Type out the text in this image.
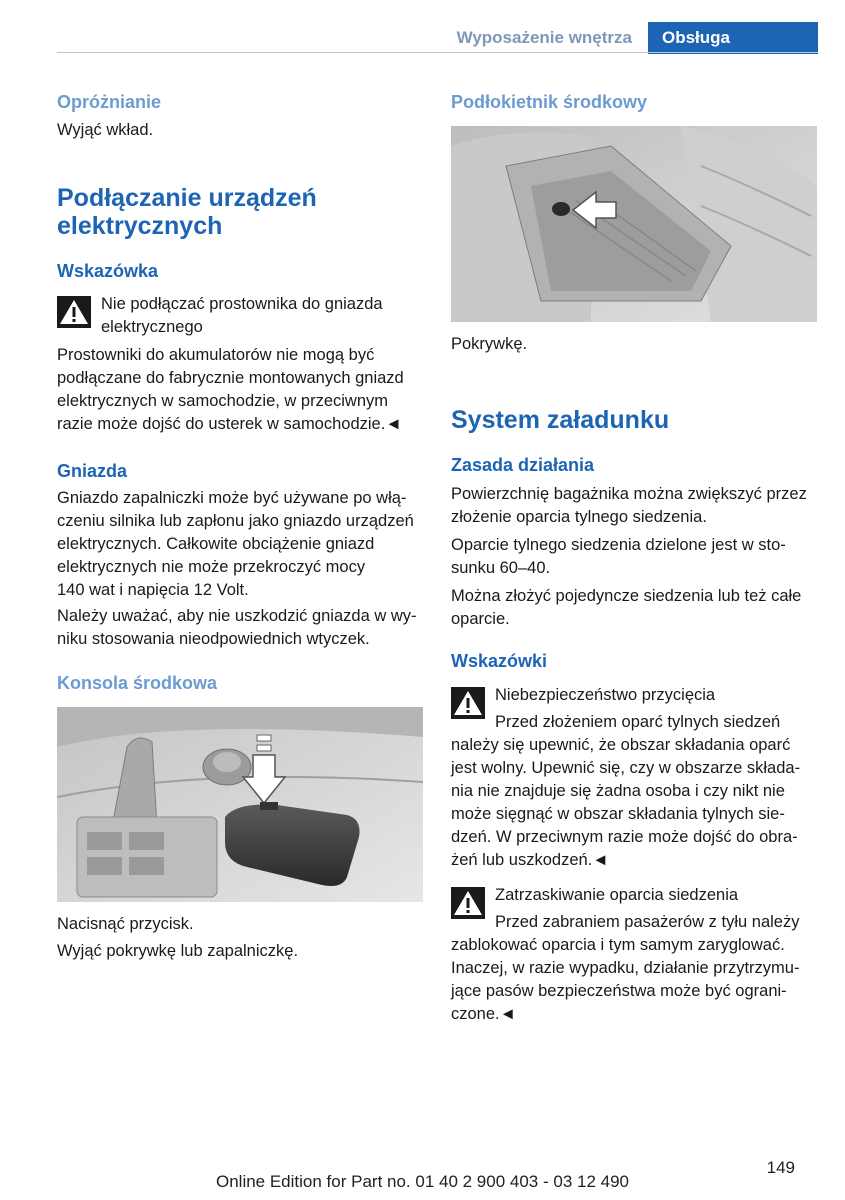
Wyposażenie wnętrza	Obsługa
Opróżnianie
Wyjąć wkład.
Podłączanie urządzeń
elektrycznych
Wskazówka
Nie podłączać prostownika do gniazda
elektrycznego
Prostowniki do akumulatorów nie mogą być
podłączane do fabrycznie montowanych gniazd
elektrycznych w samochodzie, w przeciwnym
razie może dojść do usterek w samochodzie.◄
Gniazda
Gniazdo zapalniczki może być używane po włą‐
czeniu silnika lub zapłonu jako gniazdo urządzeń
elektrycznych. Całkowite obciążenie gniazd
elektrycznych nie może przekroczyć mocy
140 wat i napięcia 12 Volt.
Należy uważać, aby nie uszkodzić gniazda w wy‐
niku stosowania nieodpowiednich wtyczek.
Konsola środkowa
Nacisnąć przycisk.
Wyjąć pokrywkę lub zapalniczkę.
Podłokietnik środkowy
Pokrywkę.
System załadunku
Zasada działania
Powierzchnię bagażnika można zwiększyć przez
złożenie oparcia tylnego siedzenia.
Oparcie tylnego siedzenia dzielone jest w sto‐
sunku 60–40.
Można złożyć pojedyncze siedzenia lub też całe
oparcie.
Wskazówki
Niebezpieczeństwo przycięcia
Przed złożeniem oparć tylnych siedzeń
należy się upewnić, że obszar składania oparć
jest wolny. Upewnić się, czy w obszarze składa‐
nia nie znajduje się żadna osoba i czy nikt nie
może sięgnąć w obszar składania tylnych sie‐
dzeń. W przeciwnym razie może dojść do obra‐
żeń lub uszkodzeń.◄
Zatrzaskiwanie oparcia siedzenia
Przed zabraniem pasażerów z tyłu należy
zablokować oparcia i tym samym zaryglować.
Inaczej, w razie wypadku, działanie przytrzymu‐
jące pasów bezpieczeństwa może być ograni‐
czone.◄
149
Online Edition for Part no. 01 40 2 900 403 - 03 12 490
